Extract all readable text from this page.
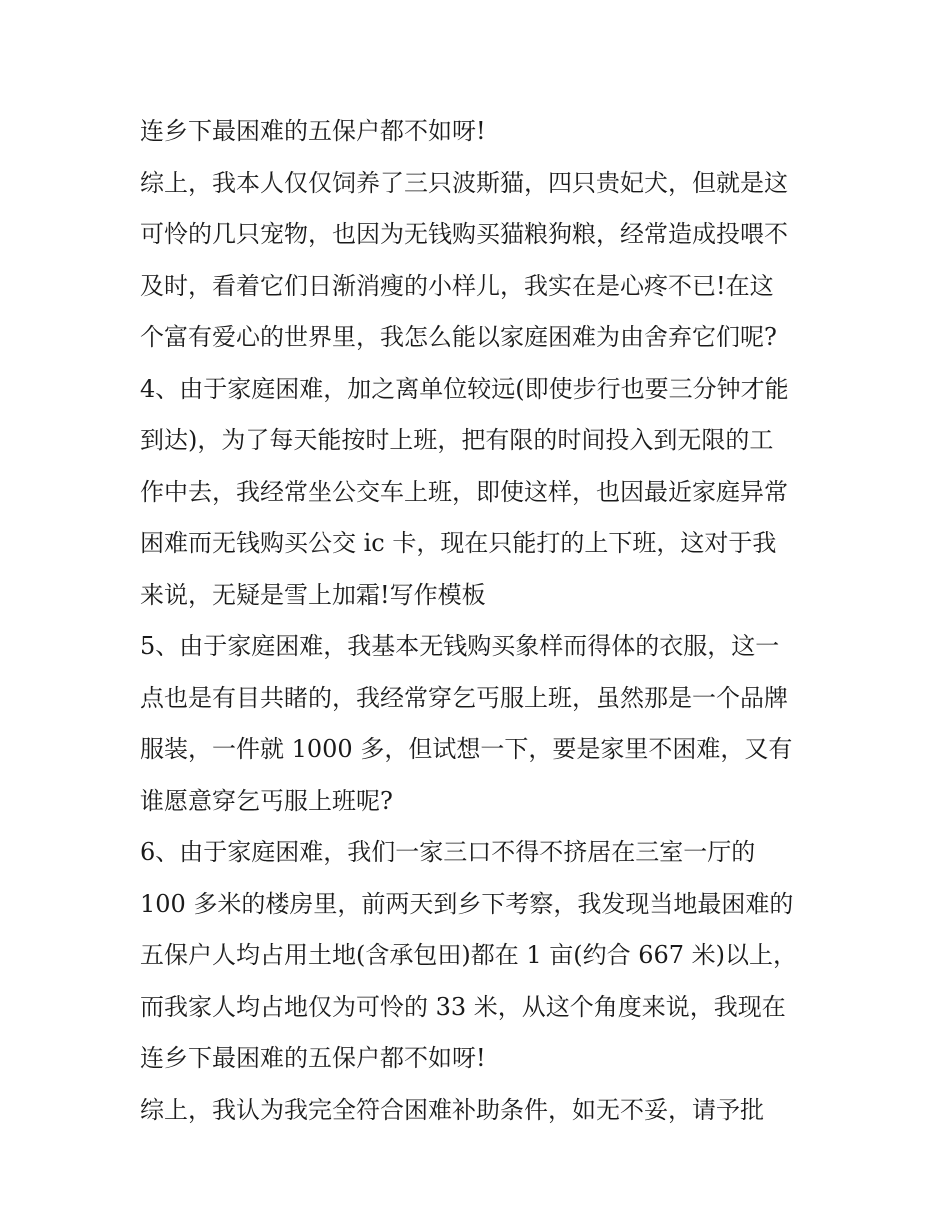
连乡下最困难的五保户都不如呀!
综上，我本人仅仅饲养了三只波斯猫，四只贵妃犬，但就是这
可怜的几只宠物，也因为无钱购买猫粮狗粮，经常造成投喂不
及时，看着它们日渐消瘦的小样儿，我实在是心疼不已!在这
个富有爱心的世界里，我怎么能以家庭困难为由舍弃它们呢?
4、由于家庭困难，加之离单位较远(即使步行也要三分钟才能
到达)，为了每天能按时上班，把有限的时间投入到无限的工
作中去，我经常坐公交车上班，即使这样，也因最近家庭异常
困难而无钱购买公交 ic 卡，现在只能打的上下班，这对于我
来说，无疑是雪上加霜!写作模板
5、由于家庭困难，我基本无钱购买象样而得体的衣服，这一
点也是有目共睹的，我经常穿乞丐服上班，虽然那是一个品牌
服装，一件就 1000 多，但试想一下，要是家里不困难，又有
谁愿意穿乞丐服上班呢?
6、由于家庭困难，我们一家三口不得不挤居在三室一厅的
100 多米的楼房里，前两天到乡下考察，我发现当地最困难的
五保户人均占用土地(含承包田)都在 1 亩(约合 667 米)以上，
而我家人均占地仅为可怜的 33 米，从这个角度来说，我现在
连乡下最困难的五保户都不如呀!
综上，我认为我完全符合困难补助条件，如无不妥，请予批
